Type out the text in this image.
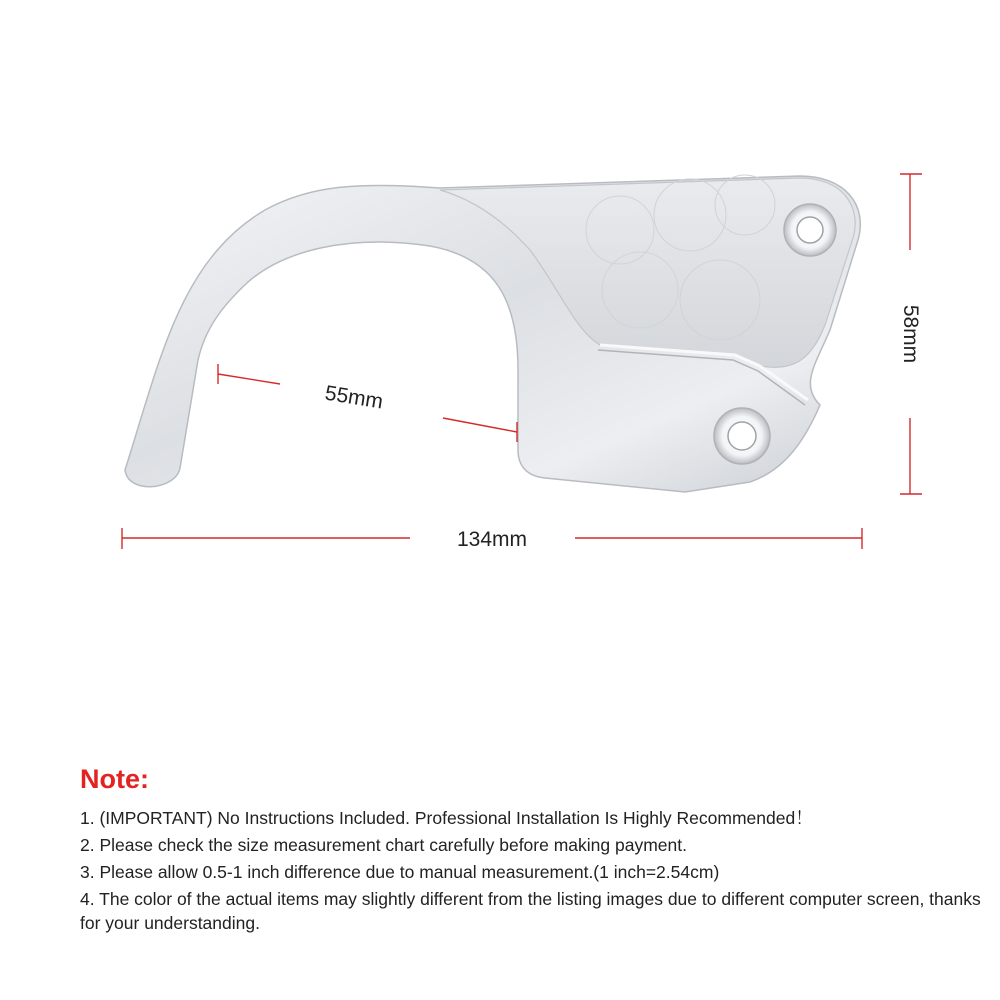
134mm
58mm
55mm
Note:
1. (IMPORTANT) No Instructions Included. Professional Installation Is Highly Recommended！
2. Please check the size measurement chart carefully before making payment.
3. Please allow 0.5-1 inch difference due to manual measurement.(1 inch=2.54cm)
4. The color of the actual items may slightly different from the listing images due to different computer screen, thanks for your understanding.
